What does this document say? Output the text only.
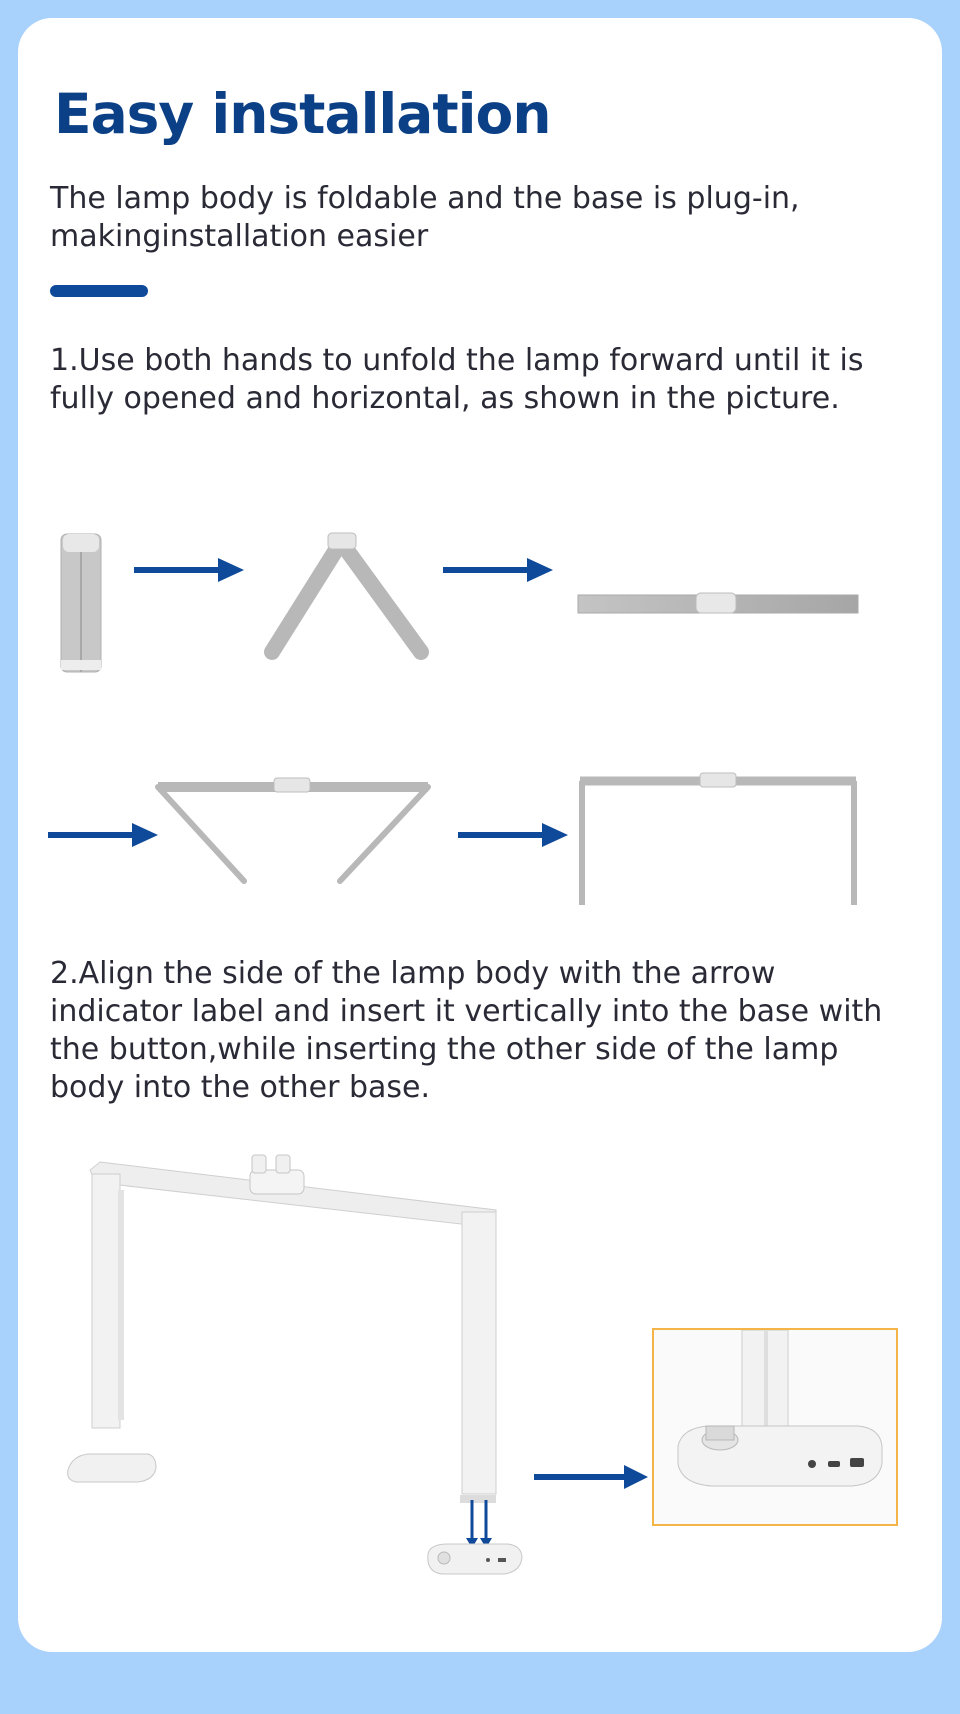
Easy installation

The lamp body is foldable and the base is plug-in, makinginstallation easier

1.Use both hands to unfold the lamp forward until it is fully opened and horizontal, as shown in the picture.

2.Align the side of the lamp body with the arrow indicator label and insert it vertically into the base with the button,while inserting the other side of the lamp body into the other base.
